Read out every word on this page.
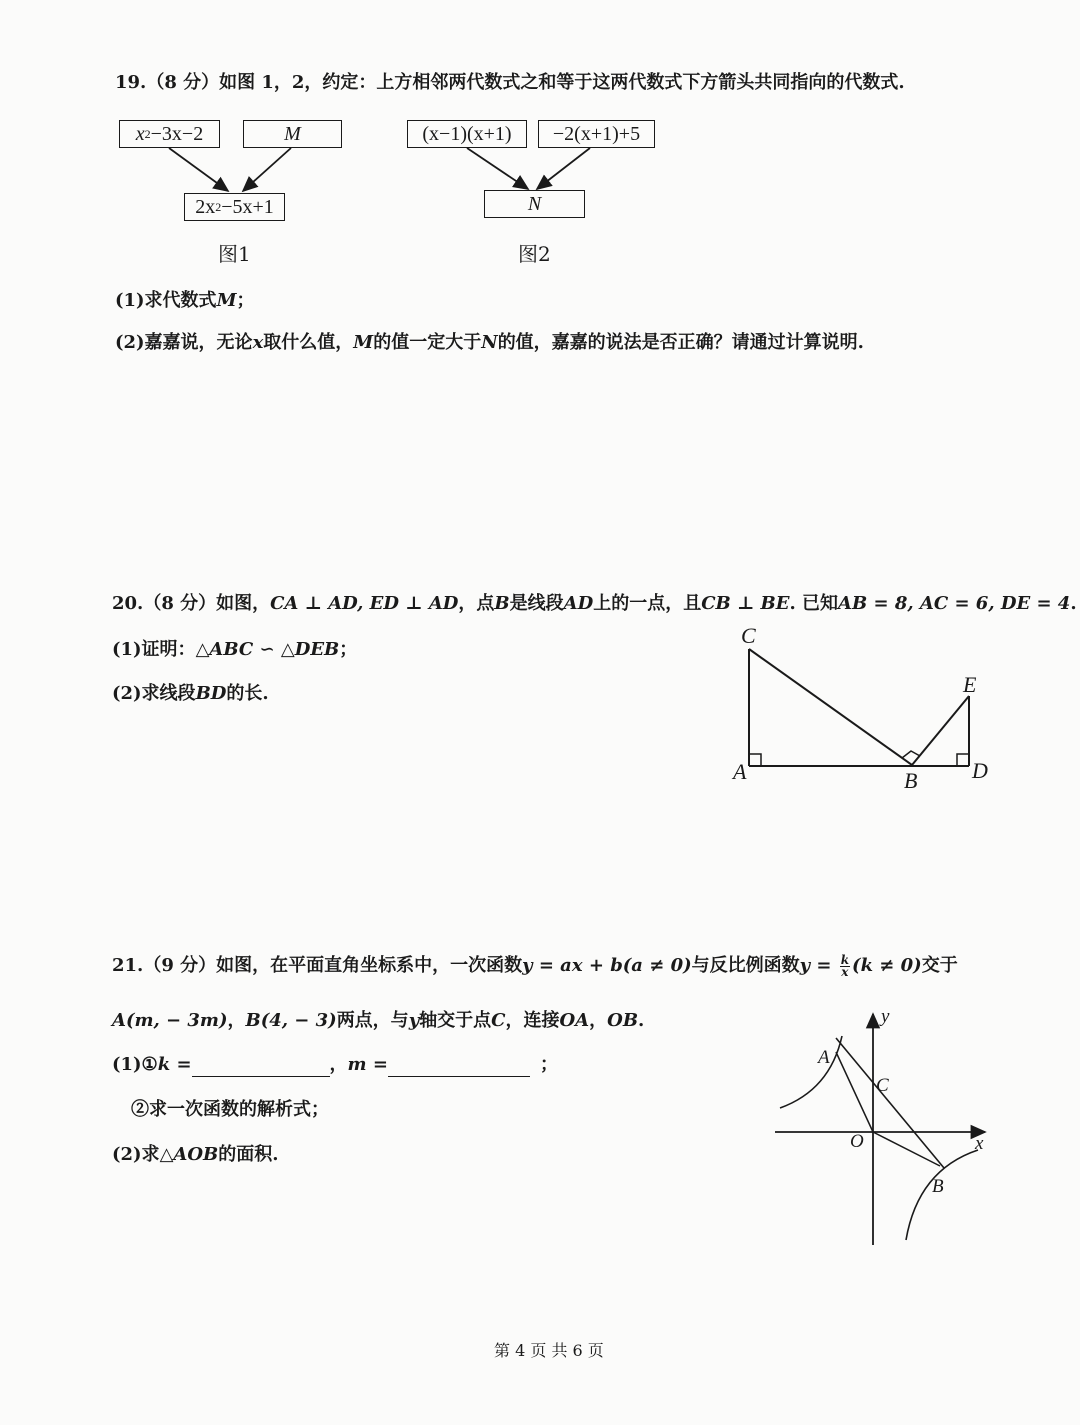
19.（8 分）如图 1，2，约定：上方相邻两代数式之和等于这两代数式下方箭头共同指向的代数式.
x 2 −3x−2	M
2x 2 −5x+1
图1
(x−1)(x+1)	−2(x+1)+5
N
图2
(1)求代数式M；
(2)嘉嘉说，无论x取什么值，M的值一定大于N的值，嘉嘉的说法是否正确？请通过计算说明.
20.（8 分）如图，CA ⊥ AD, ED ⊥ AD，点B是线段AD上的一点，且CB ⊥ BE. 已知AB = 8, AC = 6, DE = 4.
(1)证明：△ABC ∽ △DEB；
(2)求线段BD的长.
C
E
A	B D
21.（9 分）如图，在平面直角坐标系中，一次函数y = ax + b(a ≠ 0)与反比例函数$y = \frac{k}{x} (k \ne 0)$交于
A(m, − 3m)，B(4, − 3)两点，与y轴交于点C，连接OA，OB.
(1)①k =	，m =	；
②求一次函数的解析式；
(2)求△AOB的面积.
y
x
A
C
O
B
第 4 页 共 6 页
